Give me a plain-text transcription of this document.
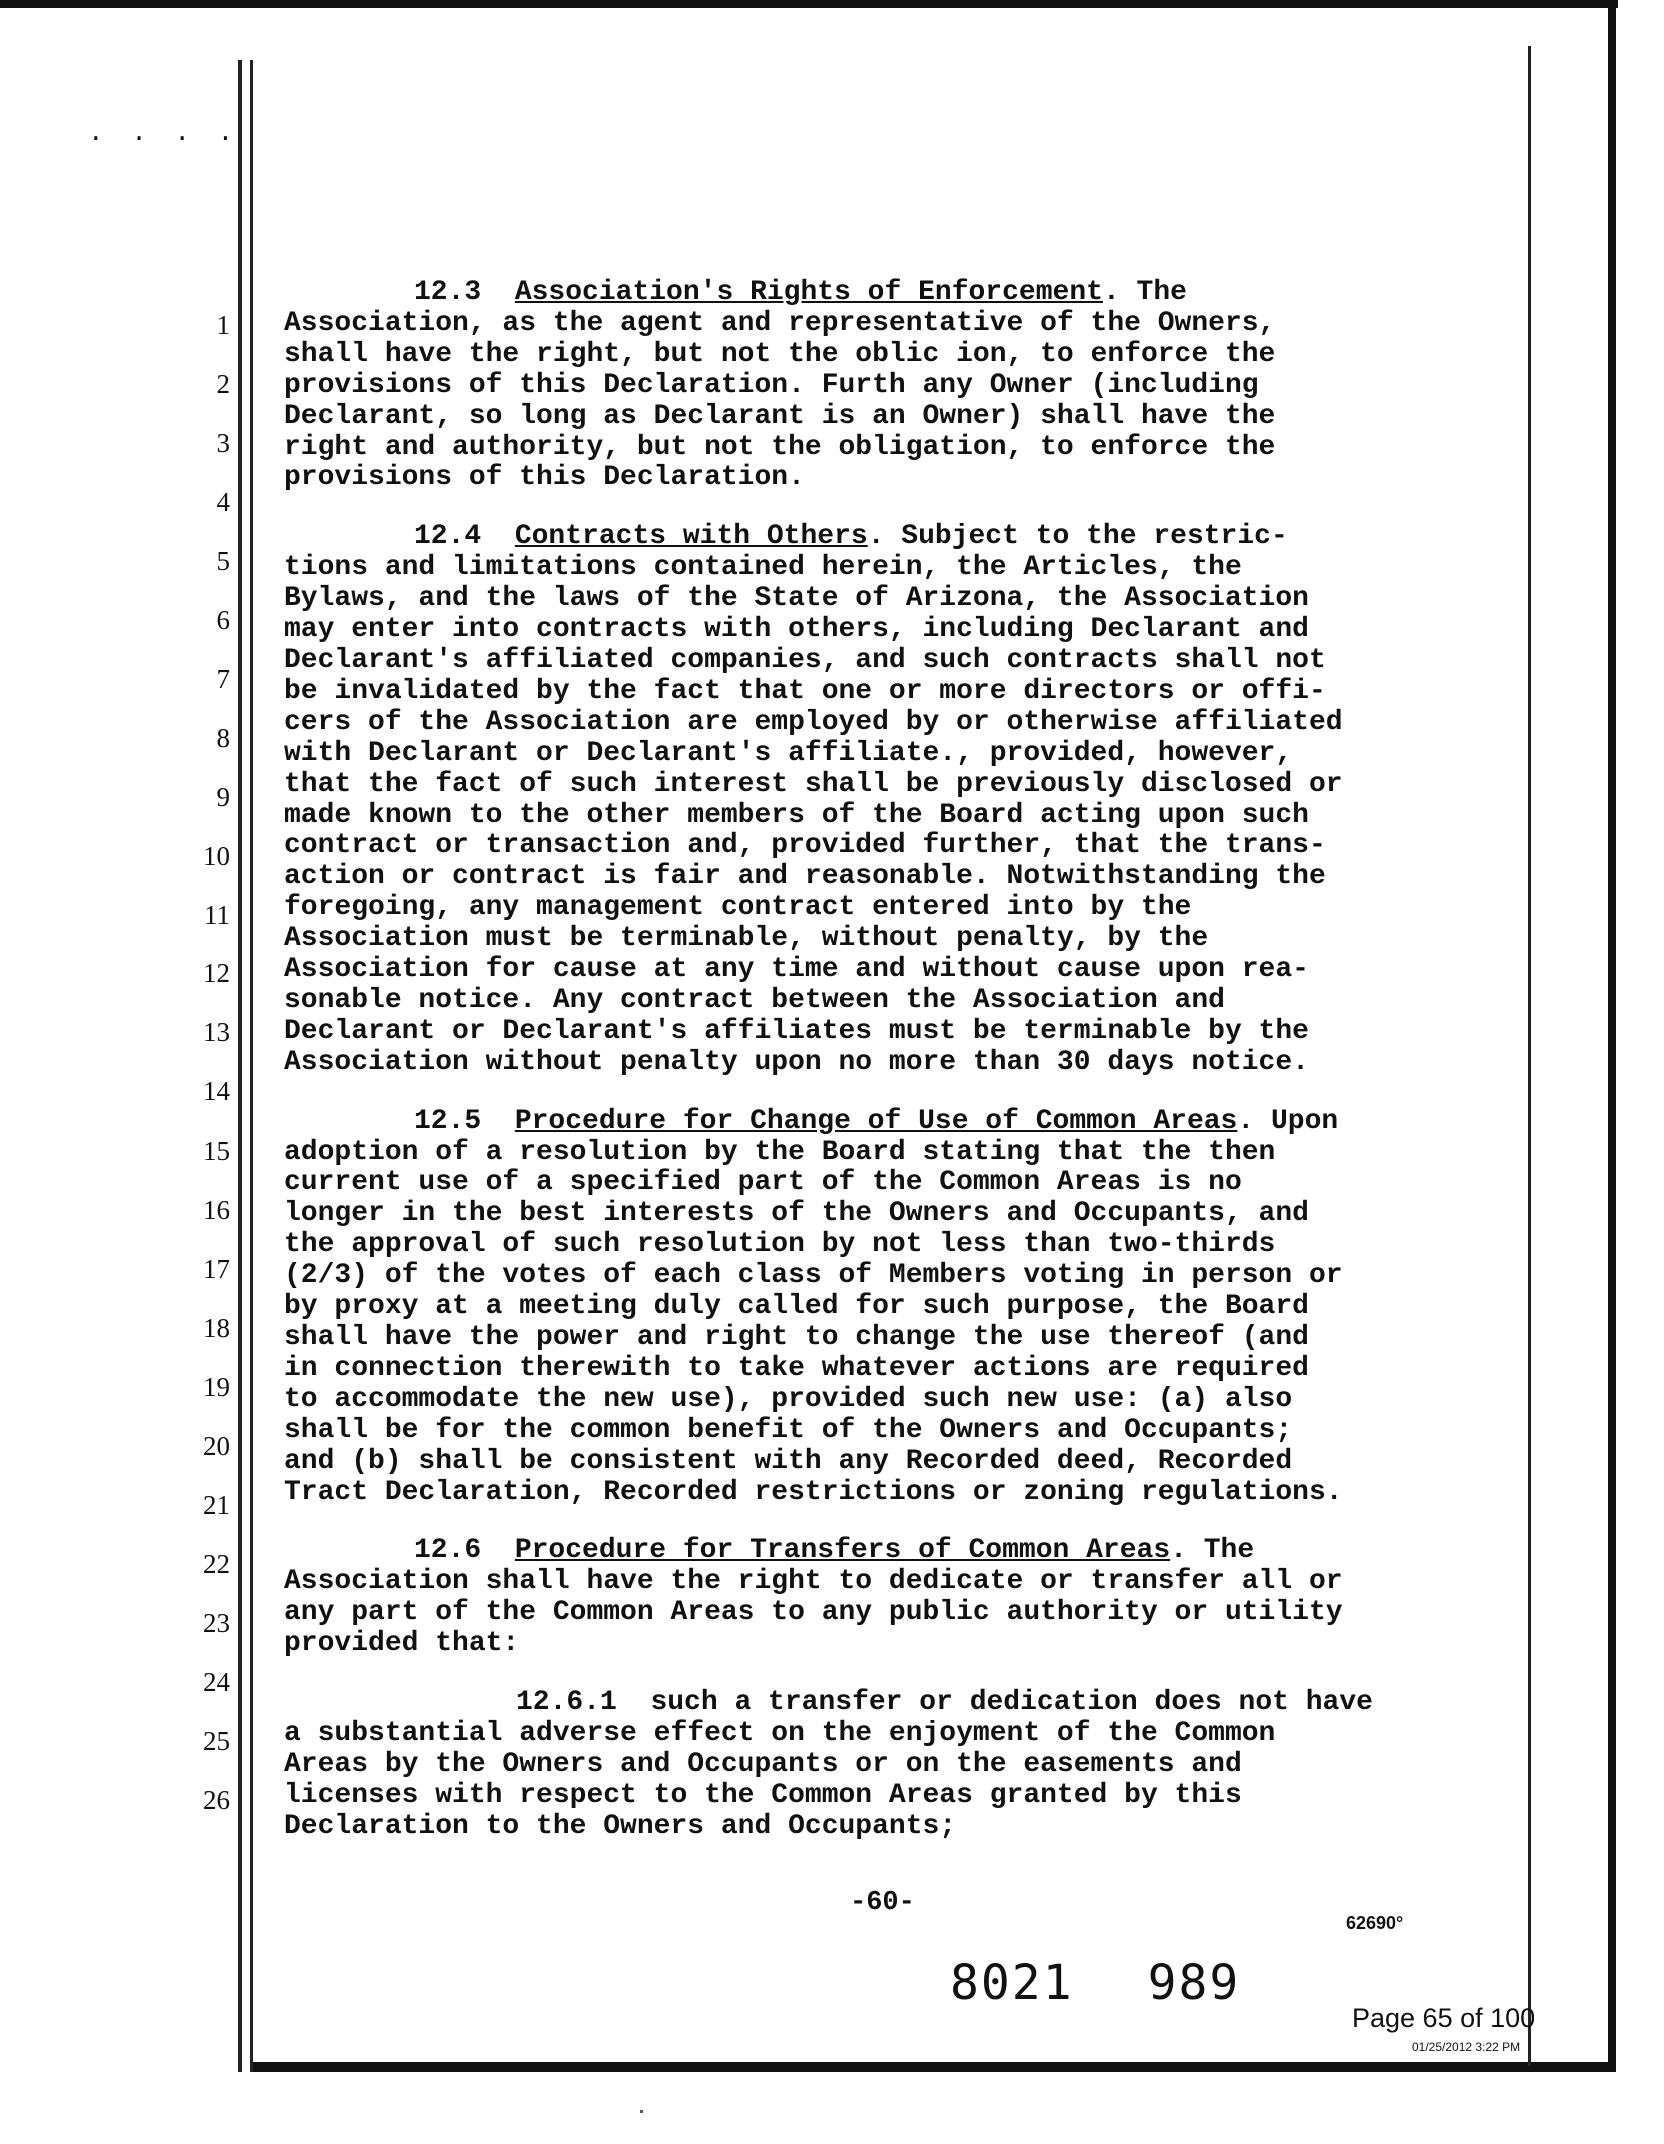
. . . .
1
2
3
4
5
6
7
8
9
10
11
12
13
14
15
16
17
18
19
20
21
22
23
24
25
26

12.3 Association's Rights of Enforcement. The
Association, as the agent and representative of the Owners,
shall have the right, but not the oblic ion, to enforce the
provisions of this Declaration. Furth any Owner (including
Declarant, so long as Declarant is an Owner) shall have the
right and authority, but not the obligation, to enforce the
provisions of this Declaration.

12.4 Contracts with Others. Subject to the restric-
tions and limitations contained herein, the Articles, the
Bylaws, and the laws of the State of Arizona, the Association
may enter into contracts with others, including Declarant and
Declarant's affiliated companies, and such contracts shall not
be invalidated by the fact that one or more directors or offi-
cers of the Association are employed by or otherwise affiliated
with Declarant or Declarant's affiliate., provided, however,
that the fact of such interest shall be previously disclosed or
made known to the other members of the Board acting upon such
contract or transaction and, provided further, that the trans-
action or contract is fair and reasonable. Notwithstanding the
foregoing, any management contract entered into by the
Association must be terminable, without penalty, by the
Association for cause at any time and without cause upon rea-
sonable notice. Any contract between the Association and
Declarant or Declarant's affiliates must be terminable by the
Association without penalty upon no more than 30 days notice.

12.5 Procedure for Change of Use of Common Areas. Upon
adoption of a resolution by the Board stating that the then
current use of a specified part of the Common Areas is no
longer in the best interests of the Owners and Occupants, and
the approval of such resolution by not less than two-thirds
(2/3) of the votes of each class of Members voting in person or
by proxy at a meeting duly called for such purpose, the Board
shall have the power and right to change the use thereof (and
in connection therewith to take whatever actions are required
to accommodate the new use), provided such new use: (a) also
shall be for the common benefit of the Owners and Occupants;
and (b) shall be consistent with any Recorded deed, Recorded
Tract Declaration, Recorded restrictions or zoning regulations.

12.6 Procedure for Transfers of Common Areas. The
Association shall have the right to dedicate or transfer all or
any part of the Common Areas to any public authority or utility
provided that:

12.6.1 such a transfer or dedication does not have
a substantial adverse effect on the enjoyment of the Common
Areas by the Owners and Occupants or on the easements and
licenses with respect to the Common Areas granted by this
Declaration to the Owners and Occupants;

-60-
62690°
8021 989
Page 65 of 100
01/25/2012 3:22 PM
